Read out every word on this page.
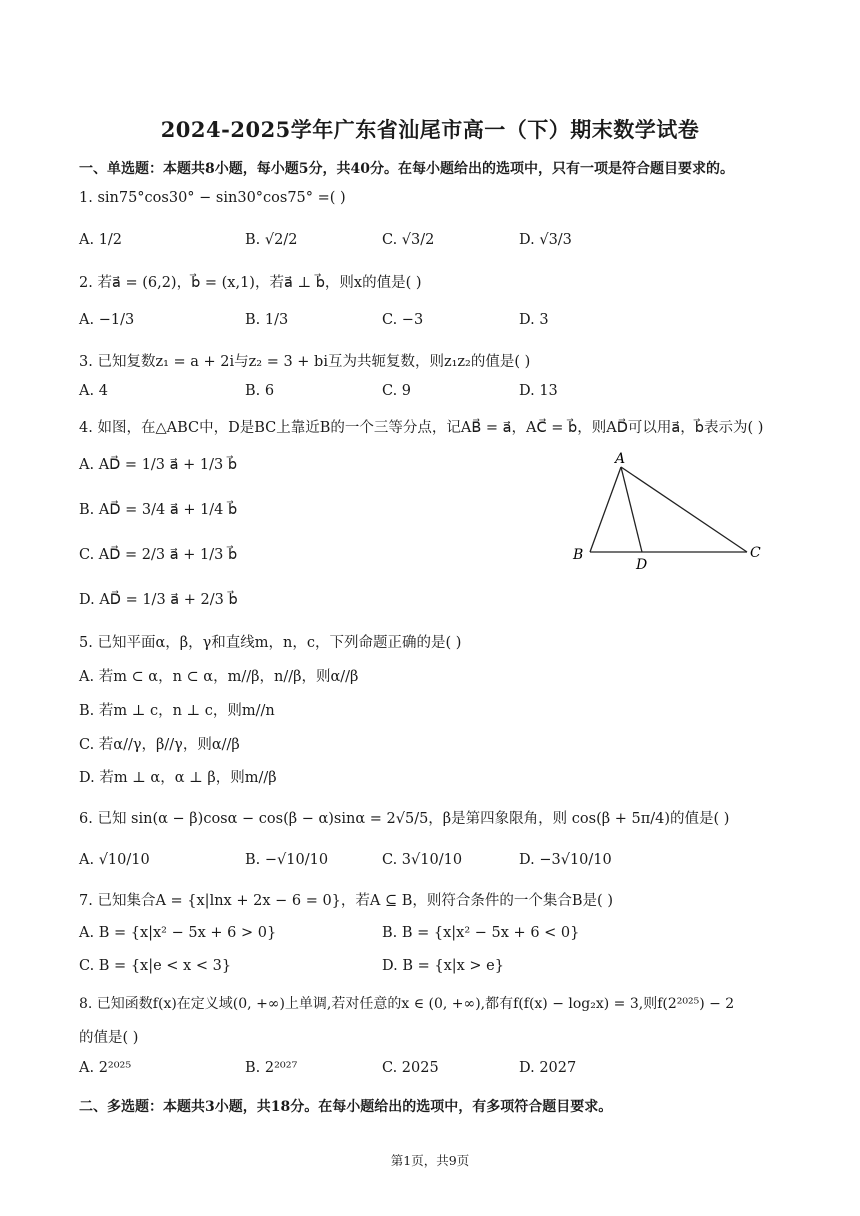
2024-2025学年广东省汕尾市高一（下）期末数学试卷
一、单选题：本题共8小题，每小题5分，共40分。在每小题给出的选项中，只有一项是符合题目要求的。
1. sin75°cos30° − sin30°cos75° =( )
A. 1/2	B. √2/2	C. √3/2	D. √3/3
2. 若a⃗ = (6,2)，b⃗ = (x,1)，若a⃗ ⊥ b⃗，则x的值是( )
A. −1/3	B. 1/3	C. −3	D. 3
3. 已知复数z₁ = a + 2i与z₂ = 3 + bi互为共轭复数，则z₁z₂的值是( )
A. 4	B. 6	C. 9	D. 13
4. 如图，在△ABC中，D是BC上靠近B的一个三等分点，记AB⃗ = a⃗，AC⃗ = b⃗，则AD⃗可以用a⃗，b⃗表示为( )
A. AD⃗ = 1/3 a⃗ + 1/3 b⃗
B. AD⃗ = 3/4 a⃗ + 1/4 b⃗
C. AD⃗ = 2/3 a⃗ + 1/3 b⃗
D. AD⃗ = 1/3 a⃗ + 2/3 b⃗
A
B	C
D
5. 已知平面α，β，γ和直线m，n，c，下列命题正确的是( )
A. 若m ⊂ α，n ⊂ α，m//β，n//β，则α//β
B. 若m ⊥ c，n ⊥ c，则m//n
C. 若α//γ，β//γ，则α//β
D. 若m ⊥ α，α ⊥ β，则m//β
6. 已知 sin(α − β)cosα − cos(β − α)sinα = 2√5/5，β是第四象限角，则 cos(β + 5π/4)的值是( )
A. √10/10	B. −√10/10	C. 3√10/10	D. −3√10/10
7. 已知集合A = {x|lnx + 2x − 6 = 0}，若A ⊆ B，则符合条件的一个集合B是( )
A. B = {x|x² − 5x + 6 > 0}	B. B = {x|x² − 5x + 6 < 0}
C. B = {x|e < x < 3}	D. B = {x|x > e}
8. 已知函数f(x)在定义域(0, +∞)上单调,若对任意的x ∈ (0, +∞),都有f(f(x) − log₂x) = 3,则f(2²⁰²⁵) − 2
的值是( )
A. 2²⁰²⁵	B. 2²⁰²⁷	C. 2025	D. 2027
二、多选题：本题共3小题，共18分。在每小题给出的选项中，有多项符合题目要求。
第1页，共9页
